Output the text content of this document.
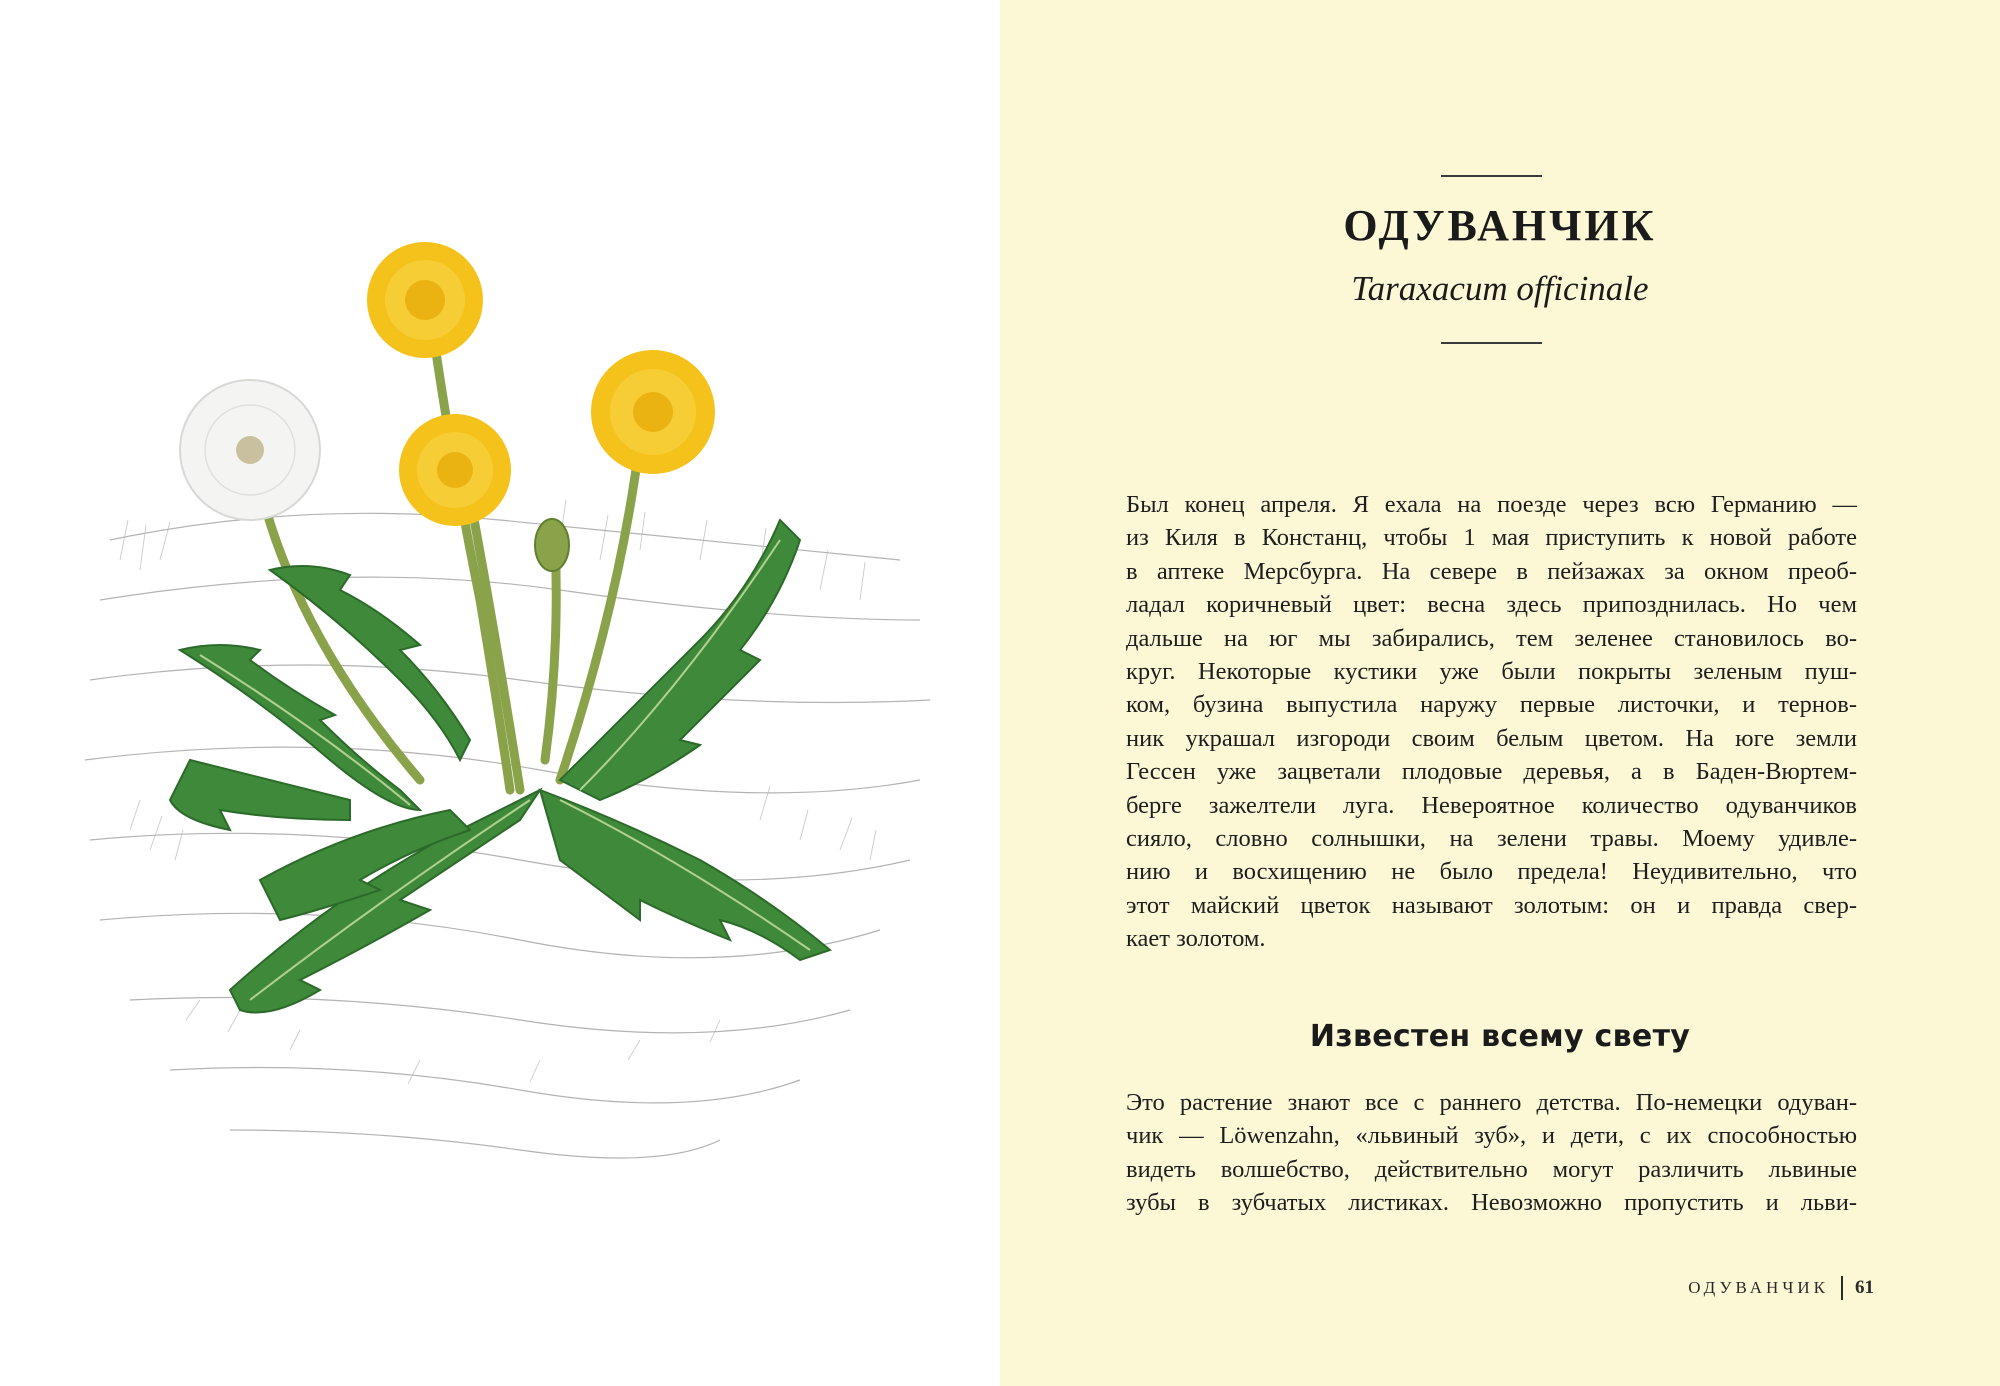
ОДУВАНЧИК
Taraxacum officinale
Был конец апреля. Я ехала на поезде через всю Германию —
из Киля в Констанц, чтобы 1 мая приступить к новой работе
в аптеке Мерсбурга. На севере в пейзажах за окном преоб-
ладал коричневый цвет: весна здесь припозднилась. Но чем
дальше на юг мы забирались, тем зеленее становилось во-
круг. Некоторые кустики уже были покрыты зеленым пуш-
ком, бузина выпустила наружу первые листочки, и тернов-
ник украшал изгороди своим белым цветом. На юге земли
Гессен уже зацветали плодовые деревья, а в Баден-Вюртем-
берге зажелтели луга. Невероятное количество одуванчиков
сияло, словно солнышки, на зелени травы. Моему удивле-
нию и восхищению не было предела! Неудивительно, что
этот майский цветок называют золотым: он и правда свер-
кает золотом.
Известен всему свету
Это растение знают все с раннего детства. По-немецки одуван-
чик — Löwenzahn, «львиный зуб», и дети, с их способностью
видеть волшебство, действительно могут различить львиные
зубы в зубчатых листиках. Невозможно пропустить и льви-
ОДУВАНЧИК 61
